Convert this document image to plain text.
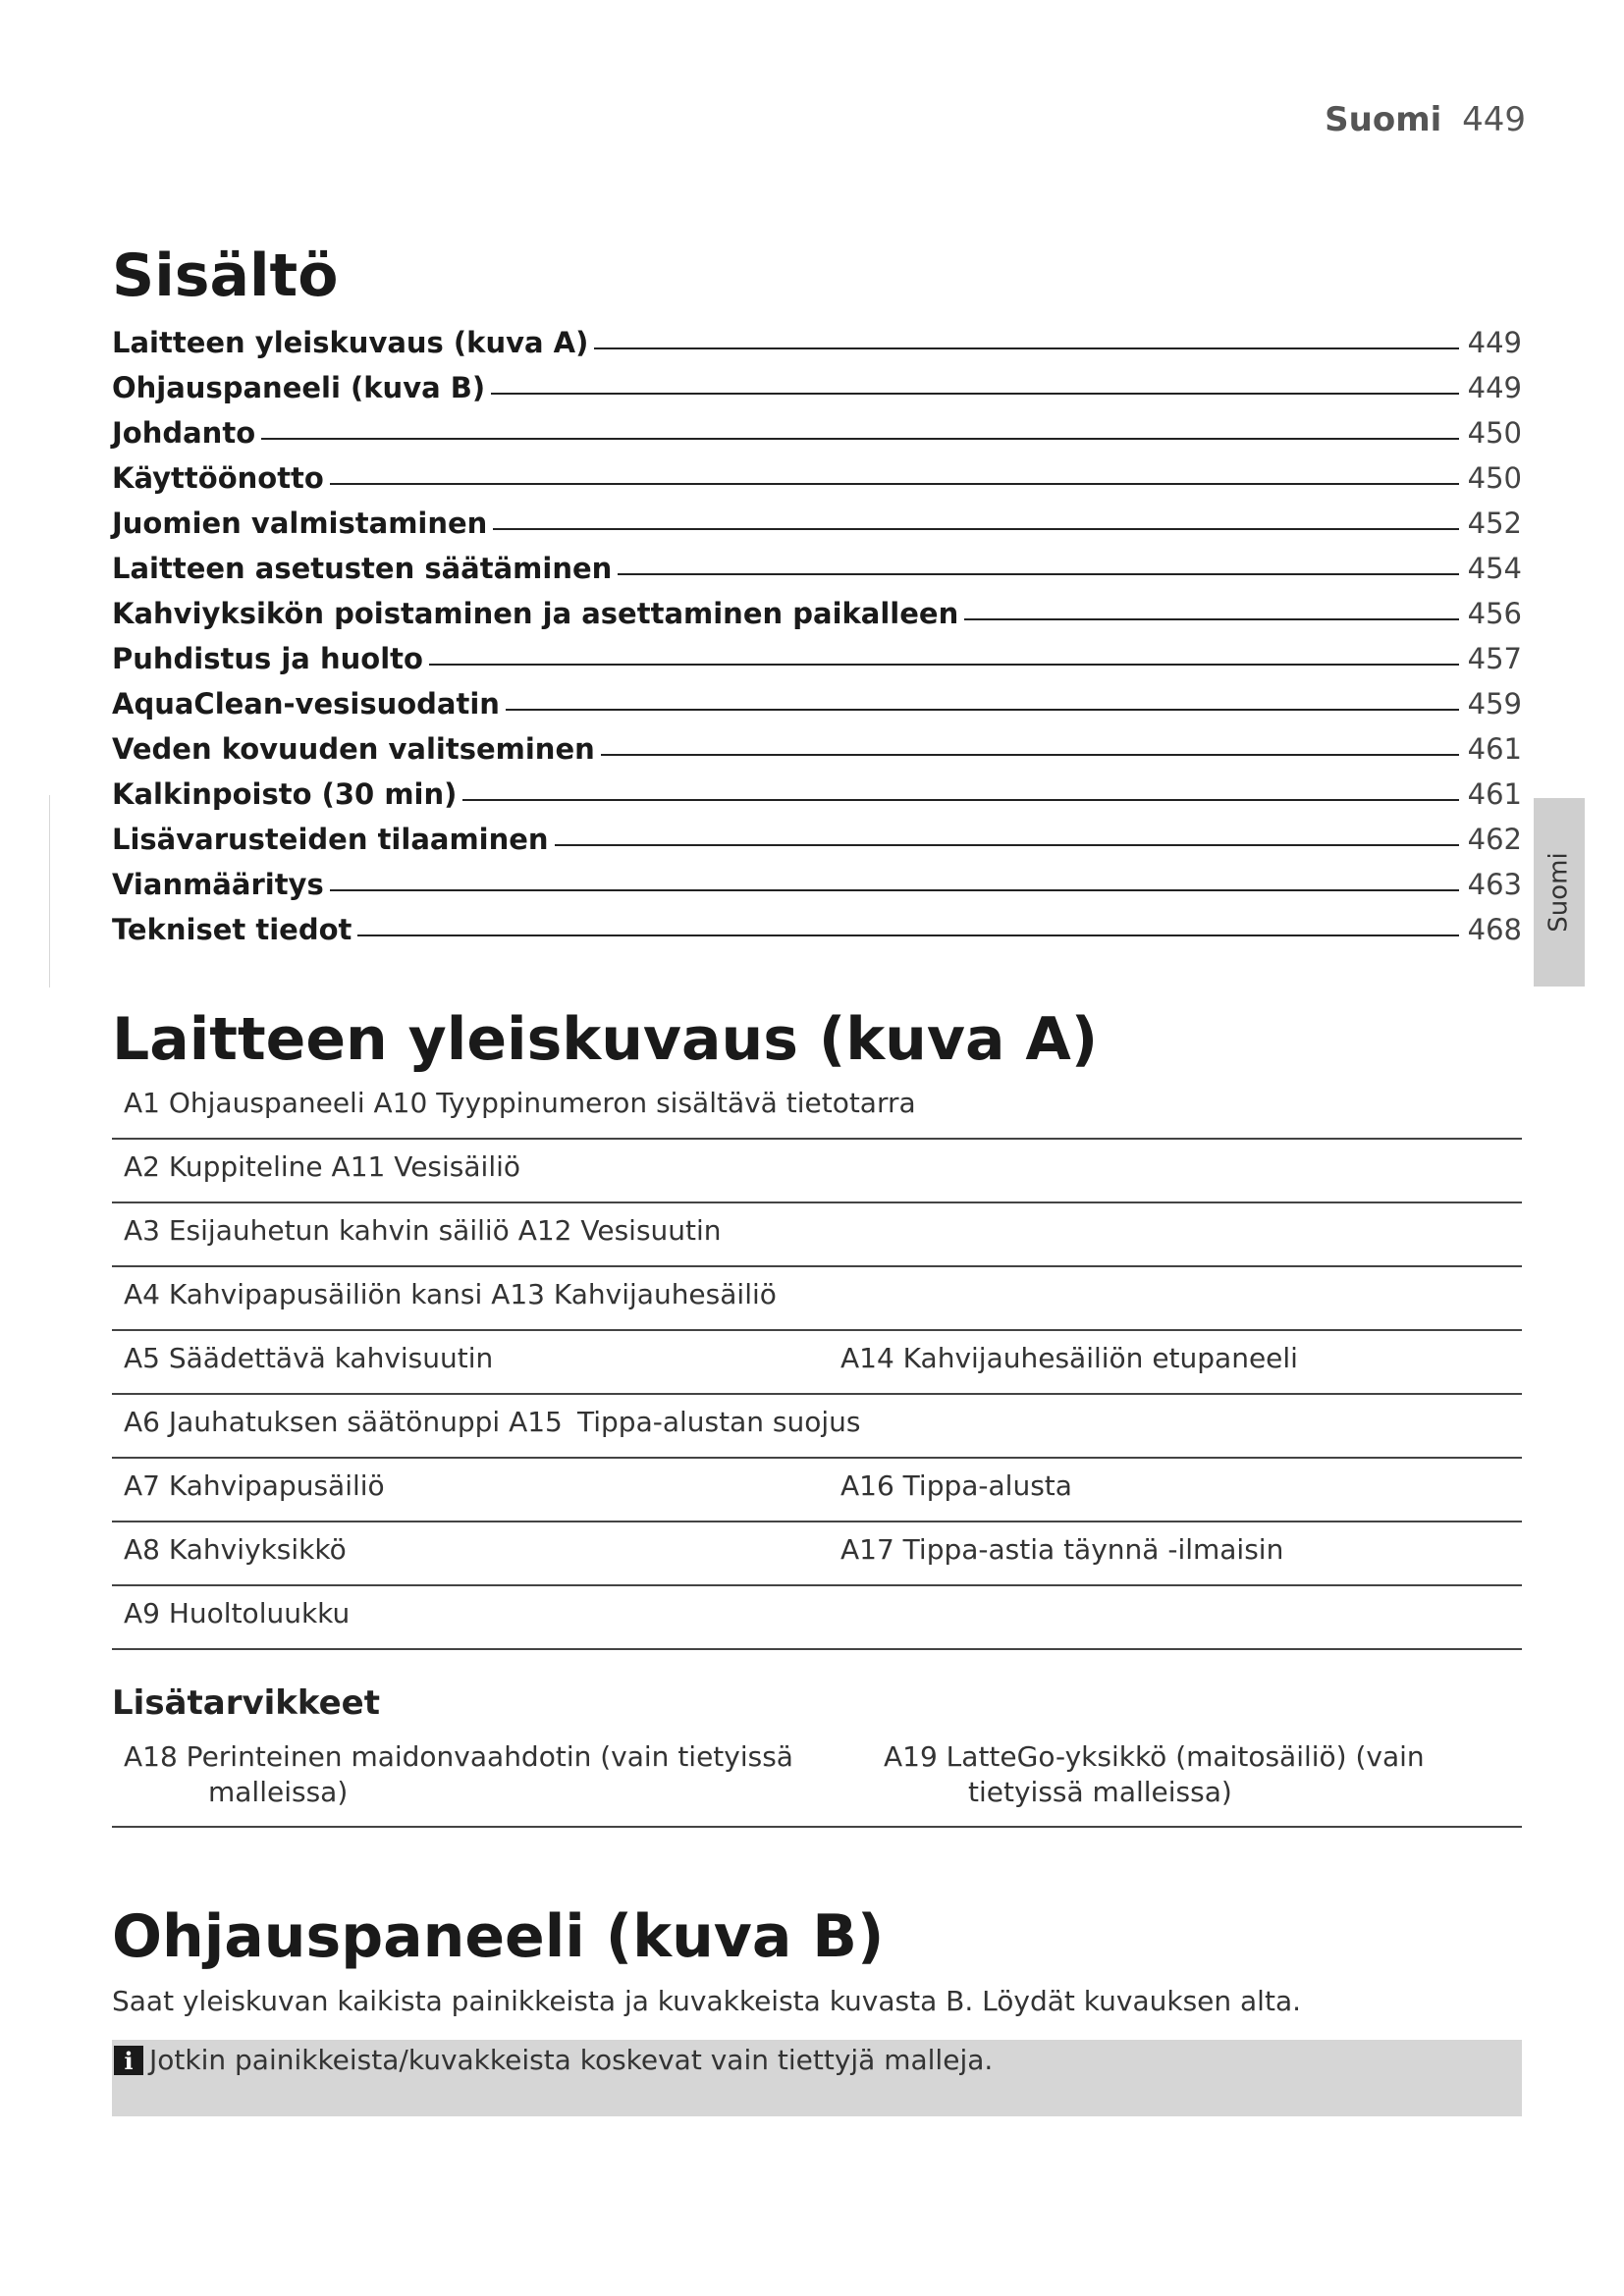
Suomi 449
Suomi
Sisältö
Laitteen yleiskuvaus (kuva A)	449
Ohjauspaneeli (kuva B)	449
Johdanto	450
Käyttöönotto	450
Juomien valmistaminen	452
Laitteen asetusten säätäminen	454
Kahviyksikön poistaminen ja asettaminen paikalleen	456
Puhdistus ja huolto	457
AquaClean-vesisuodatin	459
Veden kovuuden valitseminen	461
Kalkinpoisto (30 min)	461
Lisävarusteiden tilaaminen	462
Vianmääritys	463
Tekniset tiedot	468
Laitteen yleiskuvaus (kuva A)
A1 Ohjauspaneeli A10 Tyyppinumeron sisältävä tietotarra
A2 Kuppiteline A11 Vesisäiliö
A3 Esijauhetun kahvin säiliö A12 Vesisuutin
A4 Kahvipapusäiliön kansi A13 Kahvijauhesäiliö
A5 Säädettävä kahvisuutin	A14 Kahvijauhesäiliön etupaneeli
A6 Jauhatuksen säätönuppi A15 Tippa-alustan suojus
A7 Kahvipapusäiliö	A16 Tippa-alusta
A8 Kahviyksikkö	A17 Tippa-astia täynnä -ilmaisin
A9 Huoltoluukku
Lisätarvikkeet
A18 Perinteinen maidonvaahdotin (vain tietyissä
malleissa)
A19 LatteGo-yksikkö (maitosäiliö) (vain
tietyissä malleissa)
Ohjauspaneeli (kuva B)
Saat yleiskuvan kaikista painikkeista ja kuvakkeista kuvasta B. Löydät kuvauksen alta.
i Jotkin painikkeista/kuvakkeista koskevat vain tiettyjä malleja.
